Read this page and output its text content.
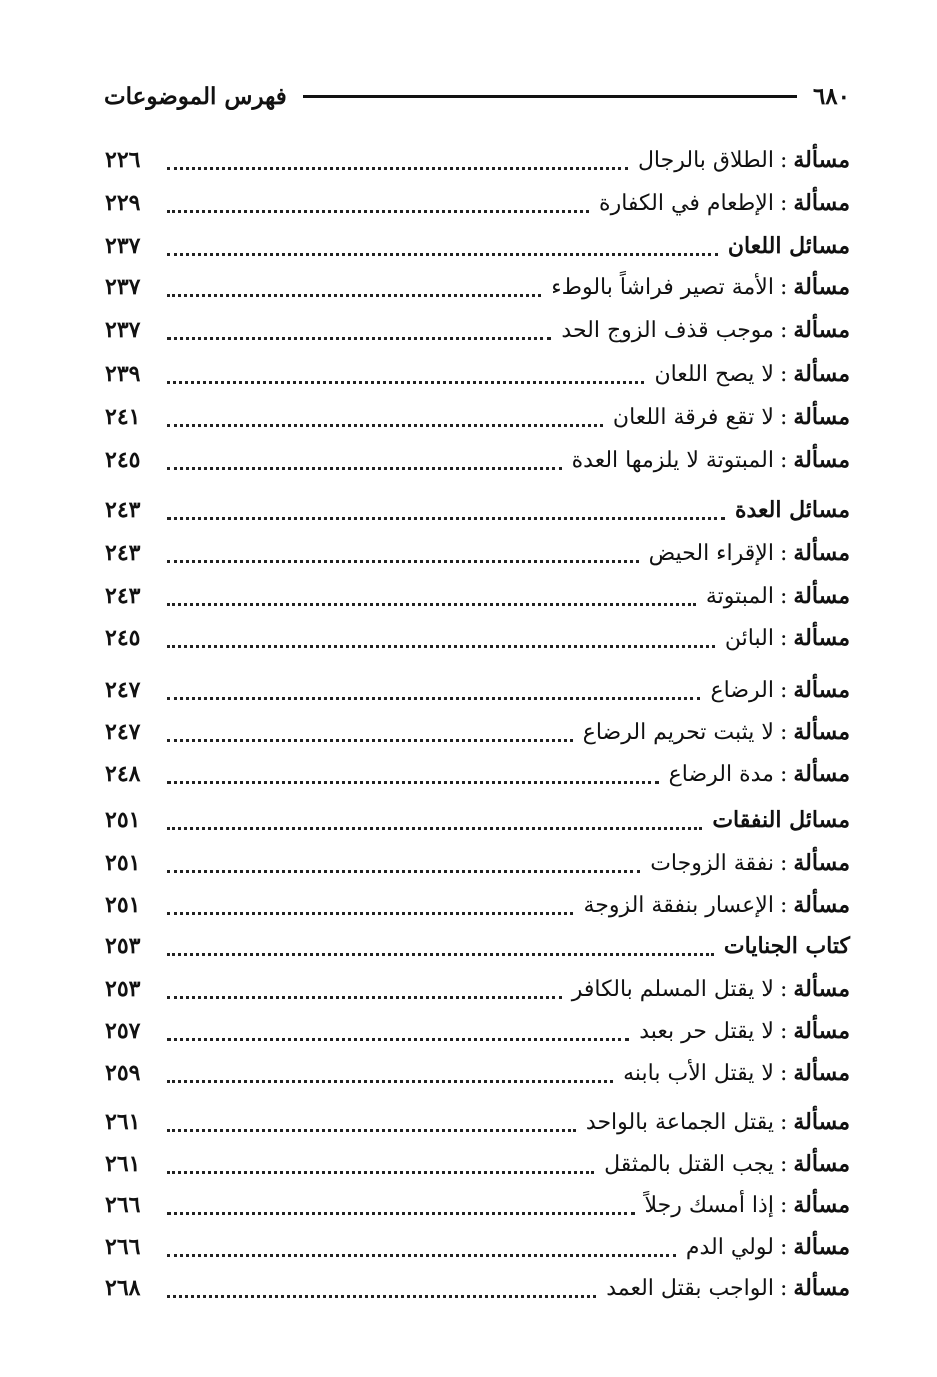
٦٨٠
فهرس الموضوعات
مسألة
:
الطلاق بالرجال
٢٢٦
مسألة
:
الإطعام في الكفارة
٢٢٩
مسائل اللعان
٢٣٧
مسألة
:
الأمة تصير فراشاً بالوطء
٢٣٧
مسألة
:
موجب قذف الزوج الحد
٢٣٧
مسألة
:
لا يصح اللعان
٢٣٩
مسألة
:
لا تقع فرقة اللعان
٢٤١
مسألة
:
المبتوتة لا يلزمها العدة
٢٤٥
مسائل العدة
٢٤٣
مسألة
:
الإقراء الحيض
٢٤٣
مسألة
:
المبتوتة
٢٤٣
مسألة
:
البائن
٢٤٥
مسألة
:
الرضاع
٢٤٧
مسألة
:
لا يثبت تحريم الرضاع
٢٤٧
مسألة
:
مدة الرضاع
٢٤٨
مسائل النفقات
٢٥١
مسألة
:
نفقة الزوجات
٢٥١
مسألة
:
الإعسار بنفقة الزوجة
٢٥١
كتاب الجنايات
٢٥٣
مسألة
:
لا يقتل المسلم بالكافر
٢٥٣
مسألة
:
لا يقتل حر بعبد
٢٥٧
مسألة
:
لا يقتل الأب بابنه
٢٥٩
مسألة
:
يقتل الجماعة بالواحد
٢٦١
مسألة
:
يجب القتل بالمثقل
٢٦١
مسألة
:
إذا أمسك رجلاً
٢٦٦
مسألة
:
لولي الدم
٢٦٦
مسألة
:
الواجب بقتل العمد
٢٦٨
